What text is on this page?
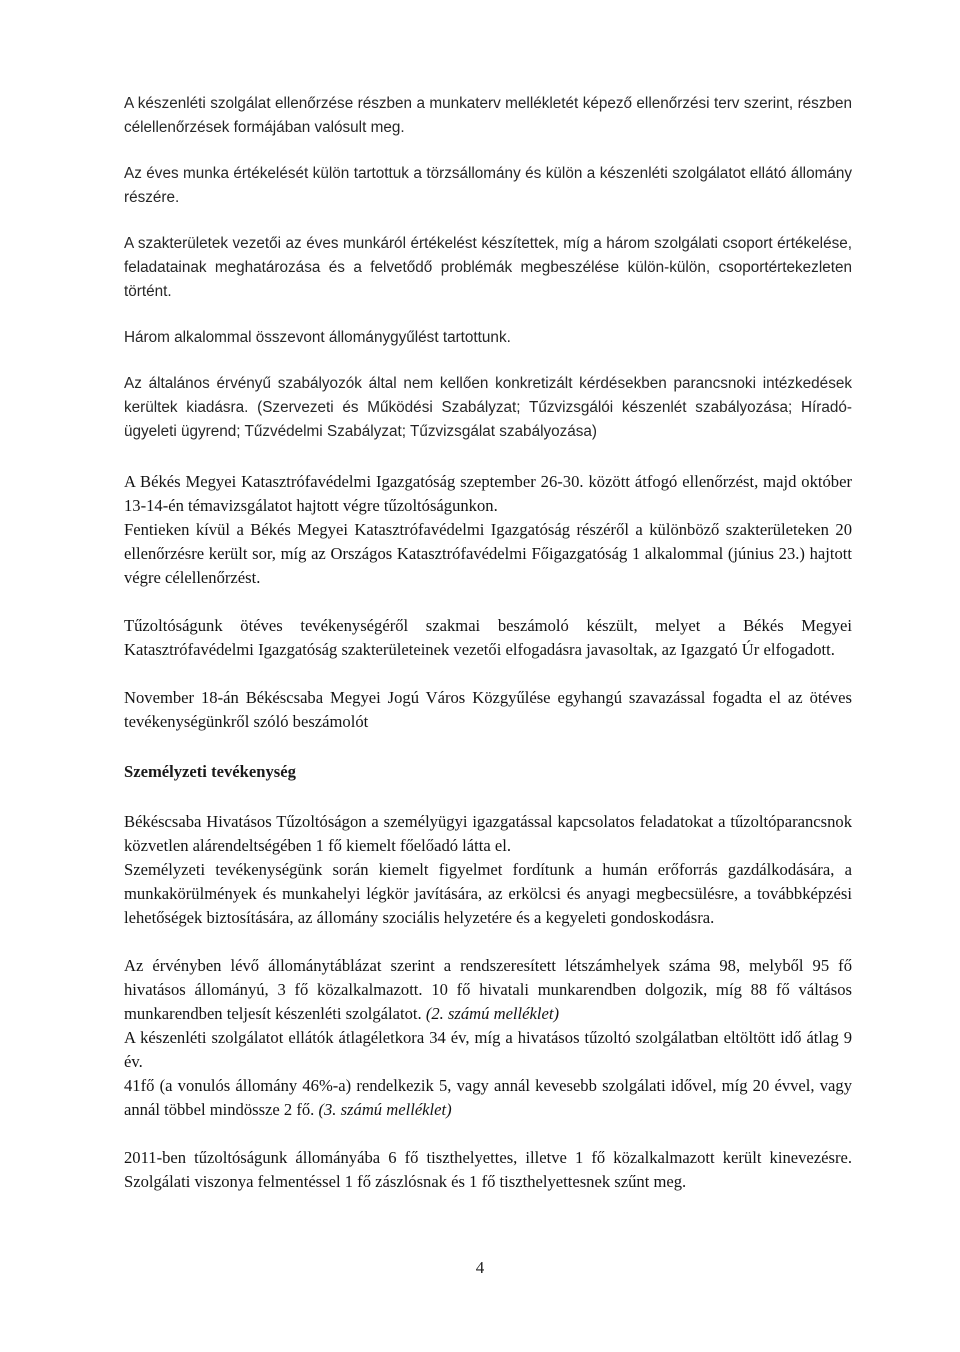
A készenléti szolgálat ellenőrzése részben a munkaterv mellékletét képező ellenőrzési terv szerint, részben célellenőrzések formájában valósult meg.

Az éves munka értékelését külön tartottuk a törzsállomány és külön a készenléti szolgálatot ellátó állomány részére.

A szakterületek vezetői az éves munkáról értékelést készítettek, míg a három szolgálati csoport értékelése, feladatainak meghatározása és a felvetődő problémák megbeszélése külön-külön, csoportértekezleten történt.

Három alkalommal összevont állománygyűlést tartottunk.

Az általános érvényű szabályozók által nem kellően konkretizált kérdésekben parancsnoki intézkedések kerültek kiadásra. (Szervezeti és Működési Szabályzat; Tűzvizsgálói készenlét szabályozása; Híradó-ügyeleti ügyrend; Tűzvédelmi Szabályzat; Tűzvizsgálat szabályozása)

A Békés Megyei Katasztrófavédelmi Igazgatóság szeptember 26-30. között átfogó ellenőrzést, majd október 13-14-én témavizsgálatot hajtott végre tűzoltóságunkon.

Fentieken kívül a Békés Megyei Katasztrófavédelmi Igazgatóság részéről a különböző szakterületeken 20 ellenőrzésre került sor, míg az Országos Katasztrófavédelmi Főigazgatóság 1 alkalommal (június 23.) hajtott végre célellenőrzést.

Tűzoltóságunk ötéves tevékenységéről szakmai beszámoló készült, melyet a Békés Megyei Katasztrófavédelmi Igazgatóság szakterületeinek vezetői elfogadásra javasoltak, az Igazgató Úr elfogadott.

November 18-án Békéscsaba Megyei Jogú Város Közgyűlése egyhangú szavazással fogadta el az ötéves tevékenységünkről szóló beszámolót

Személyzeti tevékenység

Békéscsaba Hivatásos Tűzoltóságon a személyügyi igazgatással kapcsolatos feladatokat a tűzoltóparancsnok közvetlen alárendeltségében 1 fő kiemelt főelőadó látta el.

Személyzeti tevékenységünk során kiemelt figyelmet fordítunk a humán erőforrás gazdálkodására, a munkakörülmények és munkahelyi légkör javítására, az erkölcsi és anyagi megbecsülésre, a továbbképzési lehetőségek biztosítására, az állomány szociális helyzetére és a kegyeleti gondoskodásra.

Az érvényben lévő állománytáblázat szerint a rendszeresített létszámhelyek száma 98, melyből 95 fő hivatásos állományú, 3 fő közalkalmazott. 10 fő hivatali munkarendben dolgozik, míg 88 fő váltásos munkarendben teljesít készenléti szolgálatot. (2. számú melléklet)

A készenléti szolgálatot ellátók átlagéletkora 34 év, míg a hivatásos tűzoltó szolgálatban eltöltött idő átlag 9 év.

41fő (a vonulós állomány 46%-a) rendelkezik 5, vagy annál kevesebb szolgálati idővel, míg 20 évvel, vagy annál többel mindössze 2 fő. (3. számú melléklet)

2011-ben tűzoltóságunk állományába 6 fő tiszthelyettes, illetve 1 fő közalkalmazott került kinevezésre. Szolgálati viszonya felmentéssel 1 fő zászlósnak és 1 fő tiszthelyettesnek szűnt meg.

4
